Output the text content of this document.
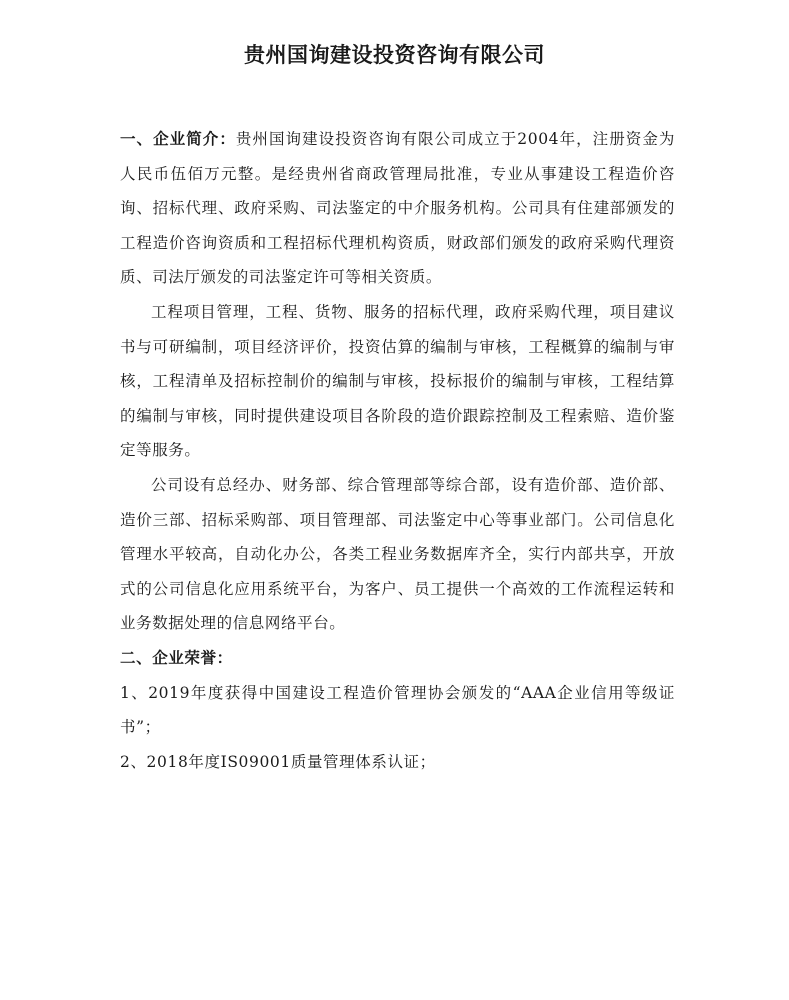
贵州国询建设投资咨询有限公司

一、企业简介：贵州国询建设投资咨询有限公司成立于2004年，注册资金为人民币伍佰万元整。是经贵州省商政管理局批准，专业从事建设工程造价咨询、招标代理、政府采购、司法鉴定的中介服务机构。公司具有住建部颁发的工程造价咨询资质和工程招标代理机构资质，财政部们颁发的政府采购代理资质、司法厅颁发的司法鉴定许可等相关资质。

工程项目管理，工程、货物、服务的招标代理，政府采购代理，项目建议书与可研编制，项目经济评价，投资估算的编制与审核，工程概算的编制与审核，工程清单及招标控制价的编制与审核，投标报价的编制与审核，工程结算的编制与审核，同时提供建设项目各阶段的造价跟踪控制及工程索赔、造价鉴定等服务。

公司设有总经办、财务部、综合管理部等综合部，设有造价部、造价部、造价三部、招标采购部、项目管理部、司法鉴定中心等事业部门。公司信息化管理水平较高，自动化办公，各类工程业务数据库齐全，实行内部共享，开放式的公司信息化应用系统平台，为客户、员工提供一个高效的工作流程运转和业务数据处理的信息网络平台。

二、企业荣誉：

1、2019年度获得中国建设工程造价管理协会颁发的“AAA企业信用等级证书”；

2、2018年度IS09001质量管理体系认证；
